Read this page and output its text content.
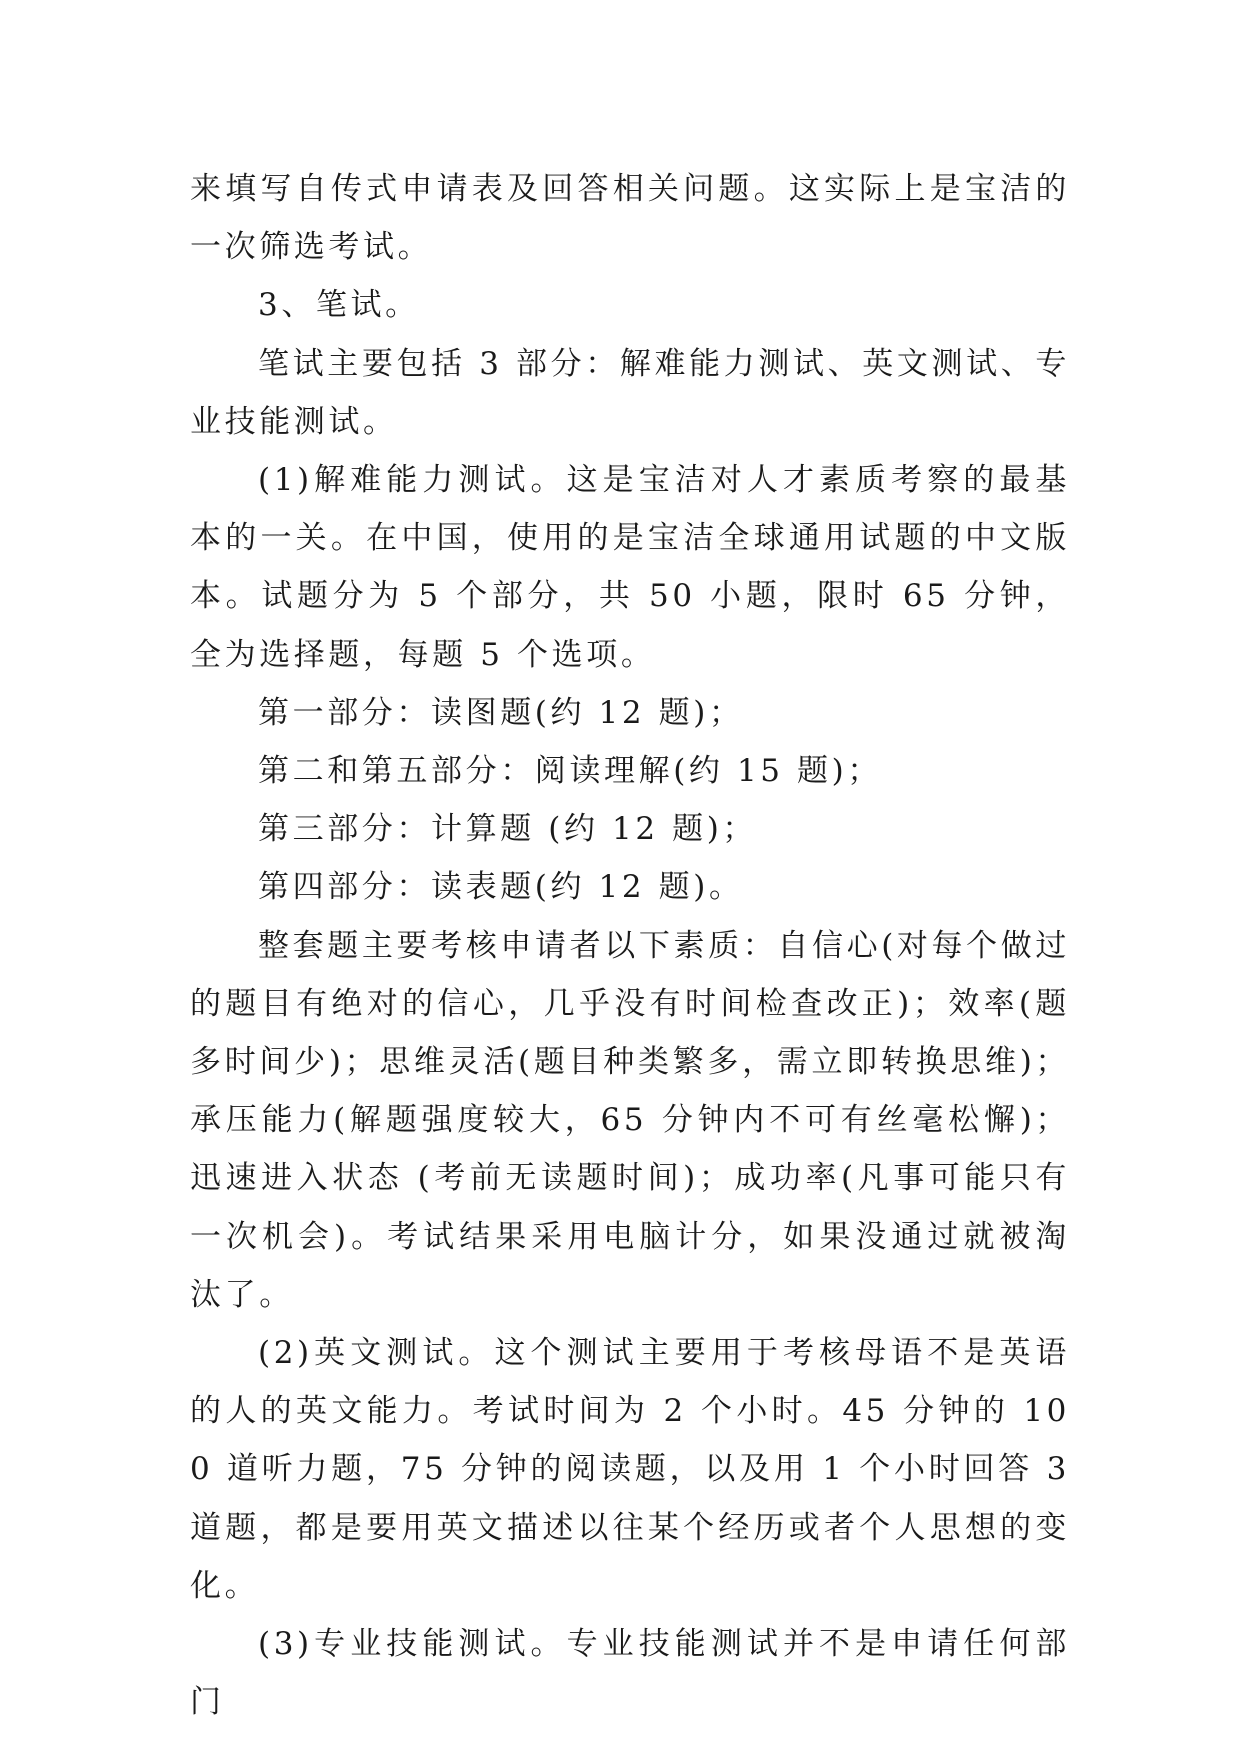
来填写自传式申请表及回答相关问题。这实际上是宝洁的一次筛选考试。

3、笔试。

笔试主要包括 3 部分：解难能力测试、英文测试、专业技能测试。

(1)解难能力测试。这是宝洁对人才素质考察的最基本的一关。在中国，使用的是宝洁全球通用试题的中文版本。试题分为 5 个部分，共 50 小题，限时 65 分钟，全为选择题，每题 5 个选项。

第一部分：读图题(约 12 题)；

第二和第五部分：阅读理解(约 15 题)；

第三部分：计算题 (约 12 题)；

第四部分：读表题(约 12 题)。

整套题主要考核申请者以下素质：自信心(对每个做过的题目有绝对的信心，几乎没有时间检查改正)；效率(题多时间少)；思维灵活(题目种类繁多，需立即转换思维)；承压能力(解题强度较大，65 分钟内不可有丝毫松懈)；迅速进入状态 (考前无读题时间)；成功率(凡事可能只有一次机会)。考试结果采用电脑计分，如果没通过就被淘汰了。

(2)英文测试。这个测试主要用于考核母语不是英语的人的英文能力。考试时间为 2 个小时。45 分钟的 100 道听力题，75 分钟的阅读题，以及用 1 个小时回答 3 道题，都是要用英文描述以往某个经历或者个人思想的变化。

(3)专业技能测试。专业技能测试并不是申请任何部门
